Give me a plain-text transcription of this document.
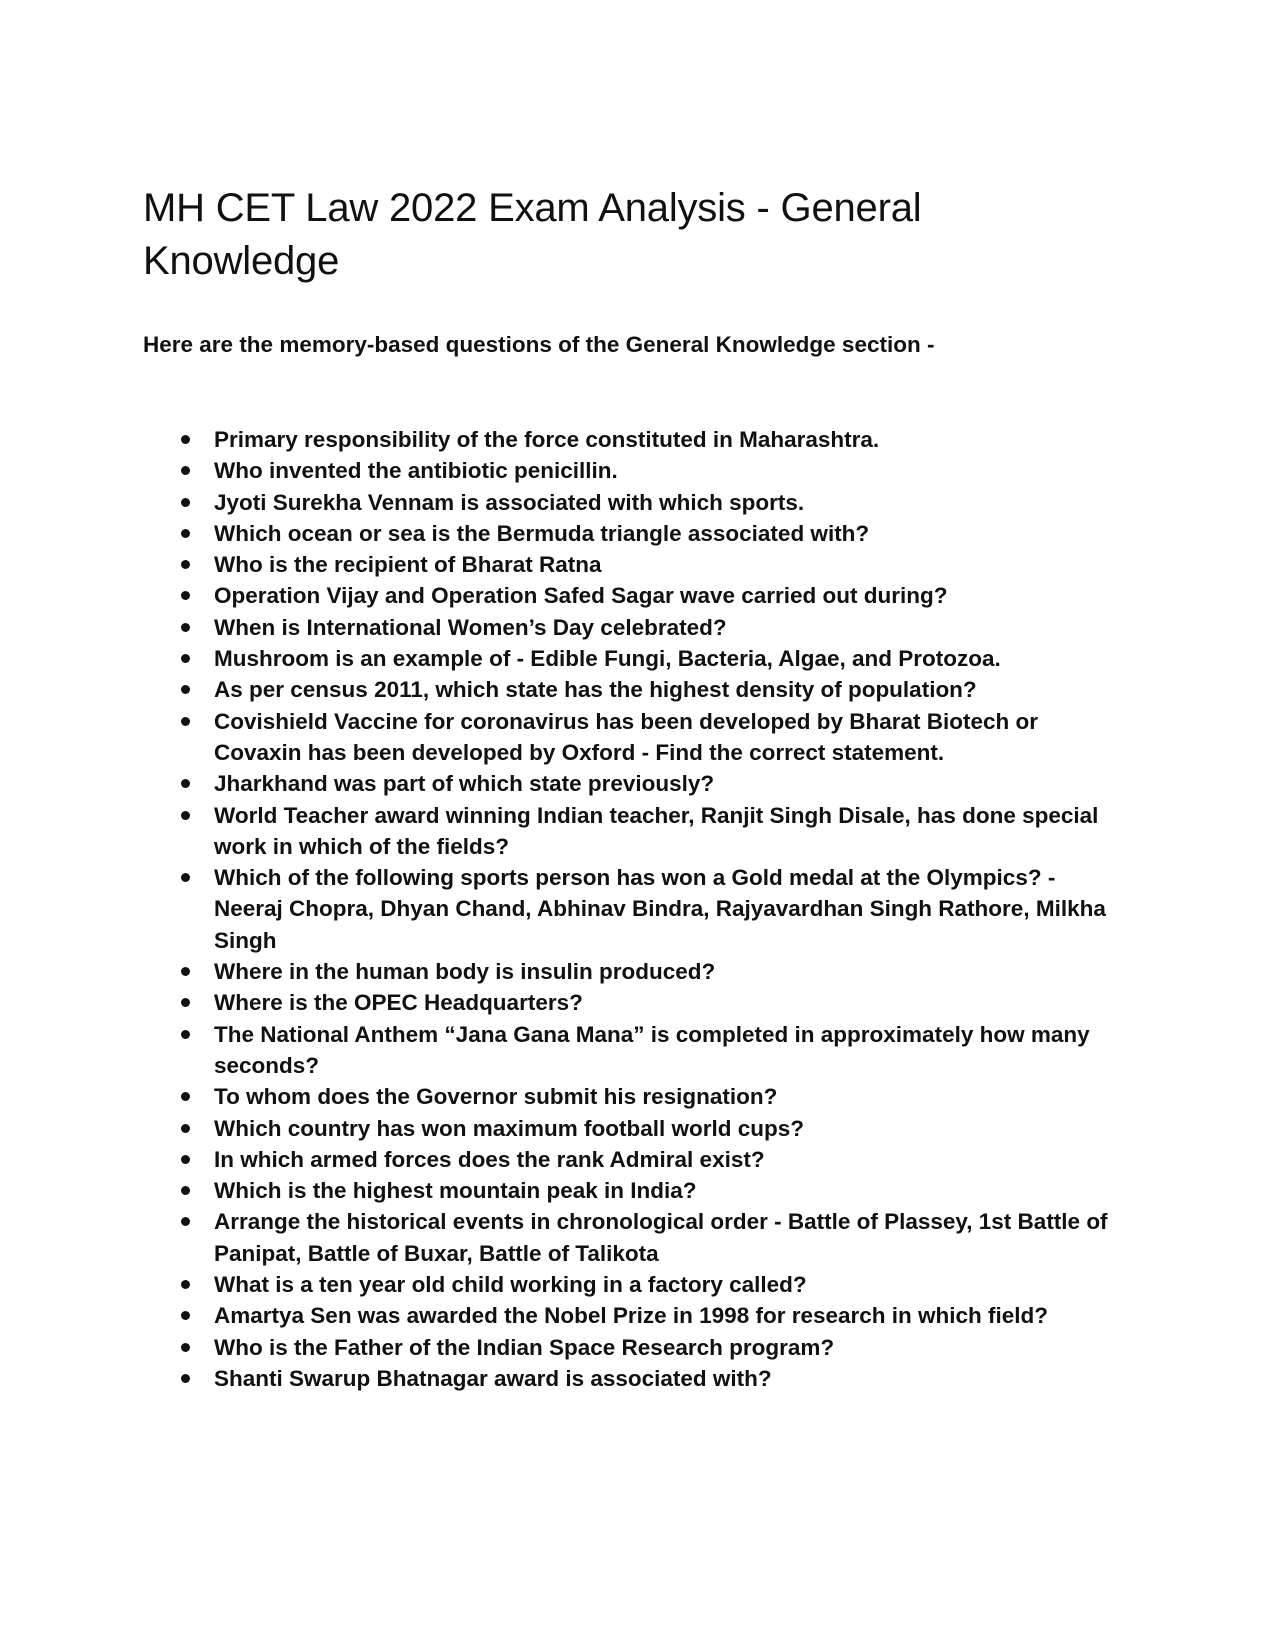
MH CET Law 2022 Exam Analysis - General Knowledge

Here are the memory-based questions of the General Knowledge section -

Primary responsibility of the force constituted in Maharashtra.
Who invented the antibiotic penicillin.
Jyoti Surekha Vennam is associated with which sports.
Which ocean or sea is the Bermuda triangle associated with?
Who is the recipient of Bharat Ratna
Operation Vijay and Operation Safed Sagar wave carried out during?
When is International Women’s Day celebrated?
Mushroom is an example of - Edible Fungi, Bacteria, Algae, and Protozoa.
As per census 2011, which state has the highest density of population?
Covishield Vaccine for coronavirus has been developed by Bharat Biotech or Covaxin has been developed by Oxford - Find the correct statement.
Jharkhand was part of which state previously?
World Teacher award winning Indian teacher, Ranjit Singh Disale, has done special work in which of the fields?
Which of the following sports person has won a Gold medal at the Olympics? - Neeraj Chopra, Dhyan Chand, Abhinav Bindra, Rajyavardhan Singh Rathore, Milkha Singh
Where in the human body is insulin produced?
Where is the OPEC Headquarters?
The National Anthem “Jana Gana Mana” is completed in approximately how many seconds?
To whom does the Governor submit his resignation?
Which country has won maximum football world cups?
In which armed forces does the rank Admiral exist?
Which is the highest mountain peak in India?
Arrange the historical events in chronological order - Battle of Plassey, 1st Battle of Panipat, Battle of Buxar, Battle of Talikota
What is a ten year old child working in a factory called?
Amartya Sen was awarded the Nobel Prize in 1998 for research in which field?
Who is the Father of the Indian Space Research program?
Shanti Swarup Bhatnagar award is associated with?
